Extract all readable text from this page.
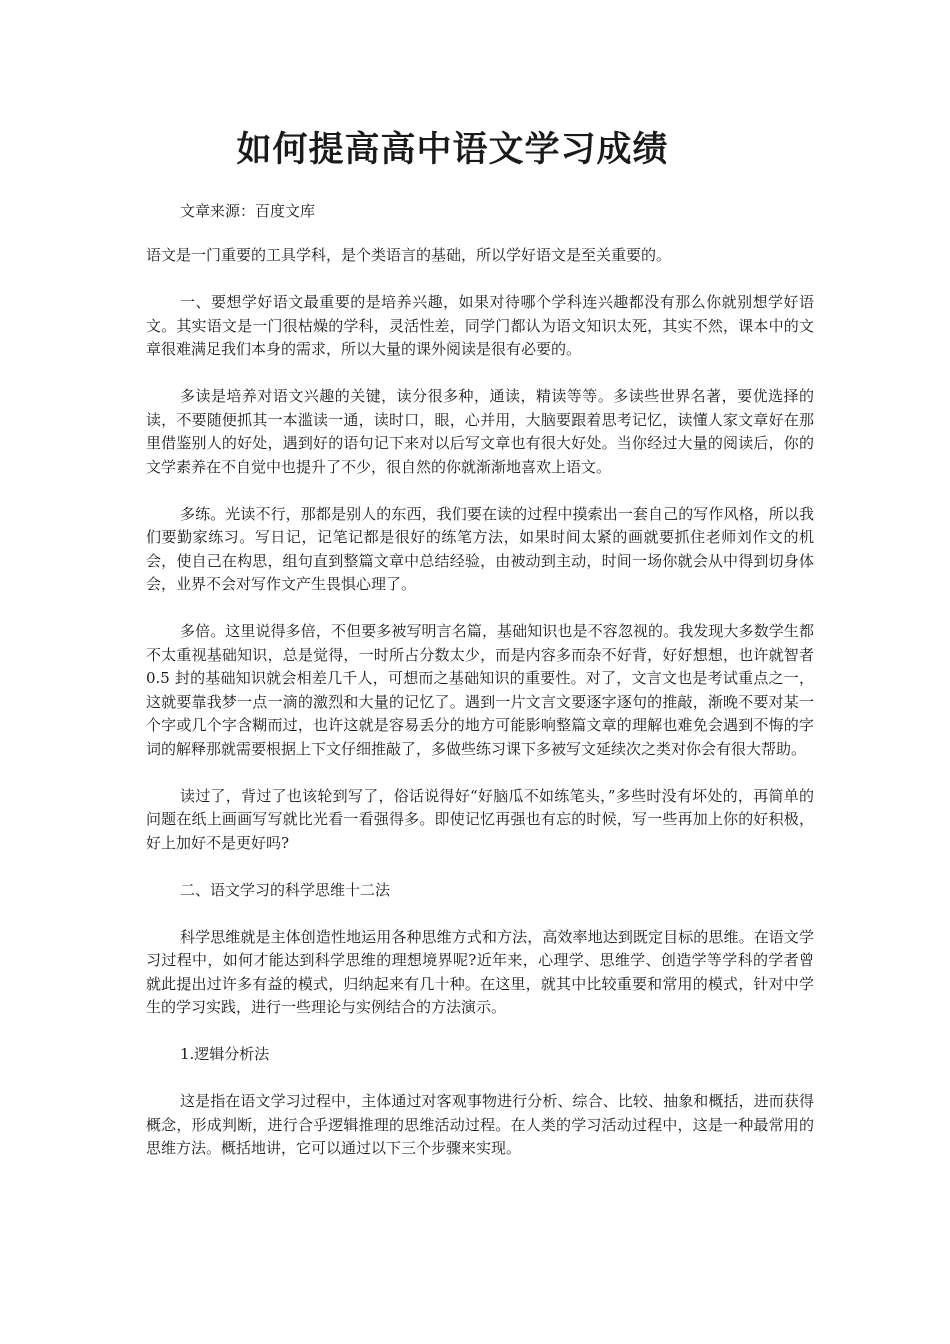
如何提高高中语文学习成绩

文章来源：百度文库

语文是一门重要的工具学科，是个类语言的基础，所以学好语文是至关重要的。

一、要想学好语文最重要的是培养兴趣，如果对待哪个学科连兴趣都没有那么你就别想学好语文。其实语文是一门很枯燥的学科，灵活性差，同学门都认为语文知识太死，其实不然，课本中的文章很难满足我们本身的需求，所以大量的课外阅读是很有必要的。

多读是培养对语文兴趣的关键，读分很多种，通读，精读等等。多读些世界名著，要优选择的读，不要随便抓其一本滥读一通，读时口，眼，心并用，大脑要跟着思考记忆，读懂人家文章好在那里借鉴别人的好处，遇到好的语句记下来对以后写文章也有很大好处。当你经过大量的阅读后，你的文学素养在不自觉中也提升了不少，很自然的你就渐渐地喜欢上语文。

多练。光读不行，那都是别人的东西，我们要在读的过程中摸索出一套自己的写作风格，所以我们要勤家练习。写日记，记笔记都是很好的练笔方法，如果时间太紧的画就要抓住老师刘作文的机会，使自己在构思，组句直到整篇文章中总结经验，由被动到主动，时间一场你就会从中得到切身体会，业界不会对写作文产生畏惧心理了。

多倍。这里说得多倍，不但要多被写明言名篇，基础知识也是不容忽视的。我发现大多数学生都不太重视基础知识，总是觉得，一时所占分数太少，而是内容多而杂不好背，好好想想，也许就智者 0.5 封的基础知识就会相差几千人，可想而之基础知识的重要性。对了，文言文也是考试重点之一，这就要靠我梦一点一滴的激烈和大量的记忆了。遇到一片文言文要逐字逐句的推敲，渐晚不要对某一个字或几个字含糊而过，也许这就是容易丢分的地方可能影响整篇文章的理解也难免会遇到不悔的字词的解释那就需要根据上下文仔细推敲了，多做些练习课下多被写文延续次之类对你会有很大帮助。

读过了，背过了也该轮到写了，俗话说得好“好脑瓜不如练笔头，”多些时没有坏处的，再简单的问题在纸上画画写写就比光看一看强得多。即使记忆再强也有忘的时候，写一些再加上你的好积极，好上加好不是更好吗?

二、语文学习的科学思维十二法

科学思维就是主体创造性地运用各种思维方式和方法，高效率地达到既定目标的思维。在语文学习过程中，如何才能达到科学思维的理想境界呢?近年来，心理学、思维学、创造学等学科的学者曾就此提出过许多有益的模式，归纳起来有几十种。在这里，就其中比较重要和常用的模式，针对中学生的学习实践，进行一些理论与实例结合的方法演示。

1.逻辑分析法

这是指在语文学习过程中，主体通过对客观事物进行分析、综合、比较、抽象和概括，进而获得概念，形成判断，进行合乎逻辑推理的思维活动过程。在人类的学习活动过程中，这是一种最常用的思维方法。概括地讲，它可以通过以下三个步骤来实现。
